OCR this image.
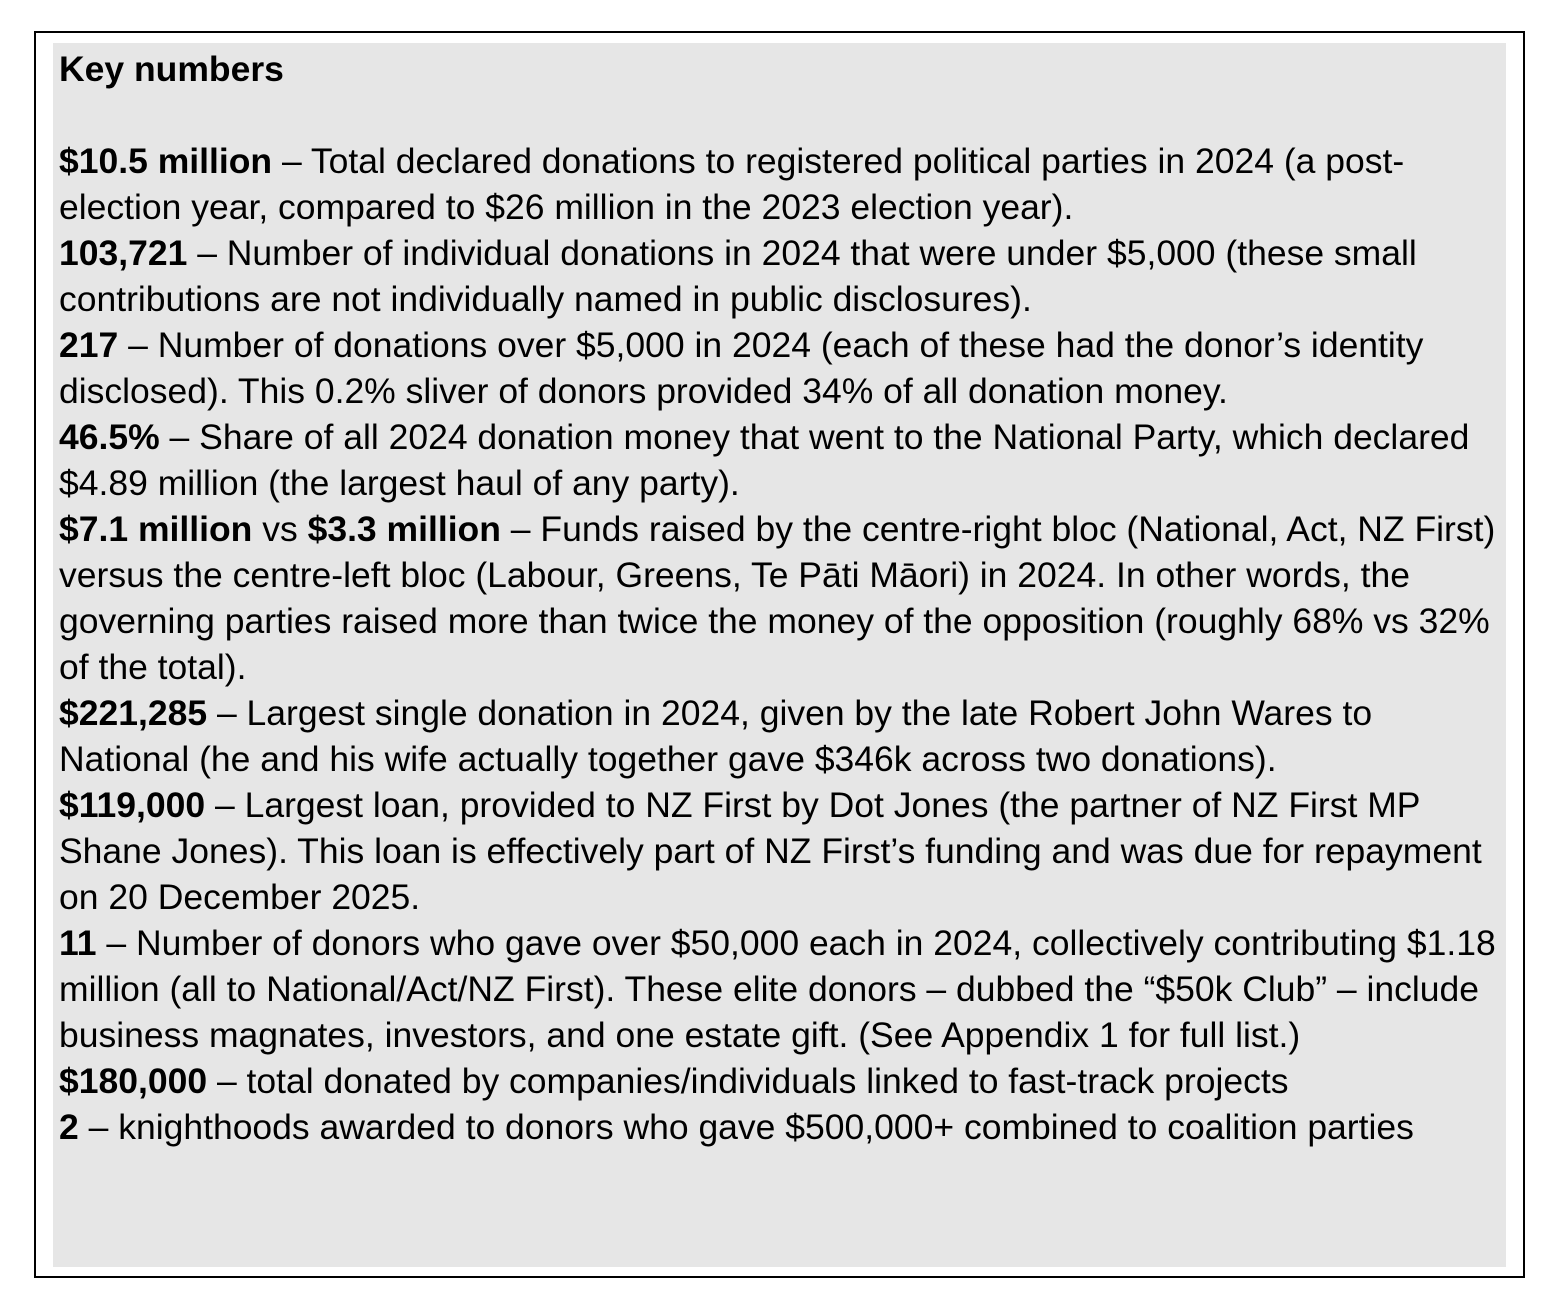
Key numbers

$10.5 million – Total declared donations to registered political parties in 2024 (a post-election year, compared to $26 million in the 2023 election year).

103,721 – Number of individual donations in 2024 that were under $5,000 (these small contributions are not individually named in public disclosures).

217 – Number of donations over $5,000 in 2024 (each of these had the donor’s identity disclosed). This 0.2% sliver of donors provided 34% of all donation money.

46.5% – Share of all 2024 donation money that went to the National Party, which declared $4.89 million (the largest haul of any party).

$7.1 million vs $3.3 million – Funds raised by the centre-right bloc (National, Act, NZ First) versus the centre-left bloc (Labour, Greens, Te Pāti Māori) in 2024. In other words, the governing parties raised more than twice the money of the opposition (roughly 68% vs 32% of the total).

$221,285 – Largest single donation in 2024, given by the late Robert John Wares to National (he and his wife actually together gave $346k across two donations).

$119,000 – Largest loan, provided to NZ First by Dot Jones (the partner of NZ First MP Shane Jones). This loan is effectively part of NZ First’s funding and was due for repayment on 20 December 2025.

11 – Number of donors who gave over $50,000 each in 2024, collectively contributing $1.18 million (all to National/Act/NZ First). These elite donors – dubbed the “$50k Club” – include business magnates, investors, and one estate gift. (See Appendix 1 for full list.)

$180,000 – total donated by companies/individuals linked to fast-track projects

2 – knighthoods awarded to donors who gave $500,000+ combined to coalition parties
